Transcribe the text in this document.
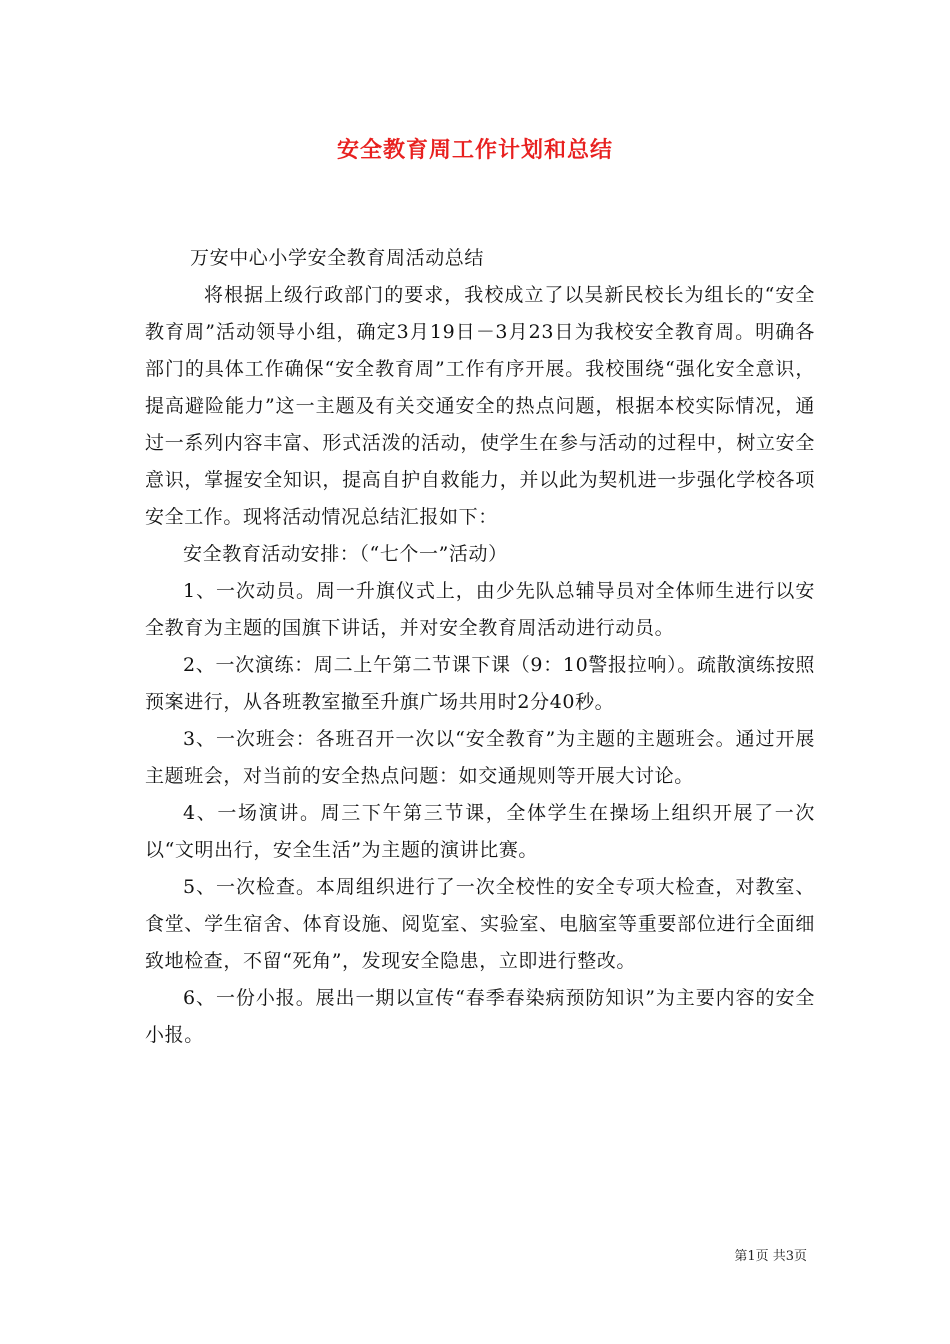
安全教育周工作计划和总结

万安中心小学安全教育周活动总结

将根据上级行政部门的要求，我校成立了以吴新民校长为组长的“安全教育周”活动领导小组，确定3月19日－3月23日为我校安全教育周。明确各部门的具体工作确保“安全教育周”工作有序开展。我校围绕“强化安全意识，提高避险能力”这一主题及有关交通安全的热点问题，根据本校实际情况，通过一系列内容丰富、形式活泼的活动，使学生在参与活动的过程中，树立安全意识，掌握安全知识，提高自护自救能力，并以此为契机进一步强化学校各项安全工作。现将活动情况总结汇报如下：

安全教育活动安排：（“七个一”活动）

1、一次动员。周一升旗仪式上，由少先队总辅导员对全体师生进行以安全教育为主题的国旗下讲话，并对安全教育周活动进行动员。

2、一次演练：周二上午第二节课下课（9：10警报拉响）。疏散演练按照预案进行，从各班教室撤至升旗广场共用时2分40秒。

3、一次班会：各班召开一次以“安全教育”为主题的主题班会。通过开展主题班会，对当前的安全热点问题：如交通规则等开展大讨论。

4、一场演讲。周三下午第三节课，全体学生在操场上组织开展了一次以“文明出行，安全生活”为主题的演讲比赛。

5、一次检查。本周组织进行了一次全校性的安全专项大检查，对教室、食堂、学生宿舍、体育设施、阅览室、实验室、电脑室等重要部位进行全面细致地检查，不留“死角”，发现安全隐患，立即进行整改。

6、一份小报。展出一期以宣传“春季春染病预防知识”为主要内容的安全小报。

第1页 共3页
